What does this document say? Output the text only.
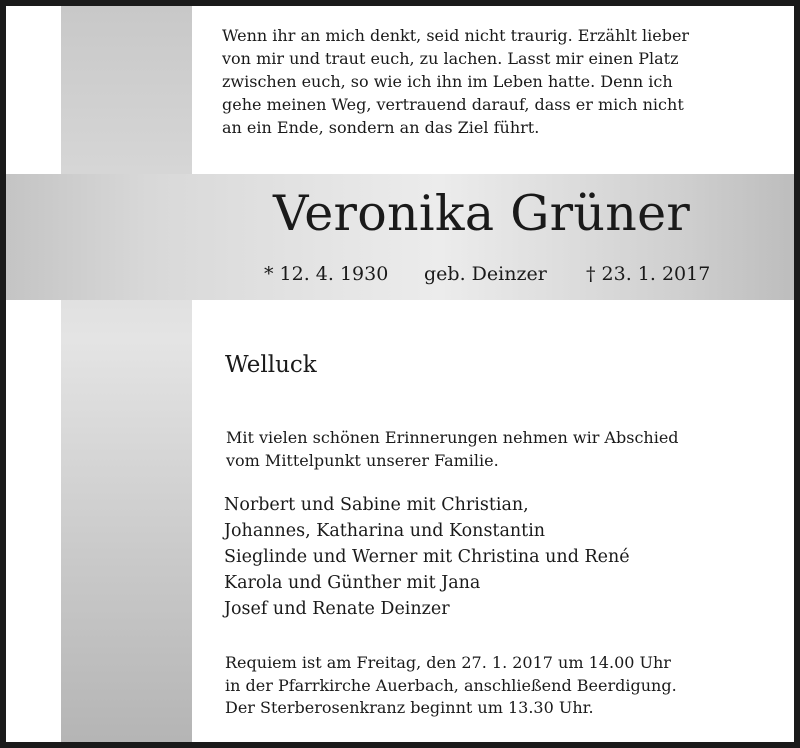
Wenn ihr an mich denkt, seid nicht traurig. Erzählt lieber
von mir und traut euch, zu lachen. Lasst mir einen Platz
zwischen euch, so wie ich ihn im Leben hatte. Denn ich
gehe meinen Weg, vertrauend darauf, dass er mich nicht
an ein Ende, sondern an das Ziel führt.

Veronika Grüner
* 12. 4. 1930 geb. Deinzer † 23. 1. 2017
Welluck
Mit vielen schönen Erinnerungen nehmen wir Abschied
vom Mittelpunkt unserer Familie.
Norbert und Sabine mit Christian,
Johannes, Katharina und Konstantin
Sieglinde und Werner mit Christina und René
Karola und Günther mit Jana
Josef und Renate Deinzer
Requiem ist am Freitag, den 27. 1. 2017 um 14.00 Uhr
in der Pfarrkirche Auerbach, anschließend Beerdigung.
Der Sterberosenkranz beginnt um 13.30 Uhr.
